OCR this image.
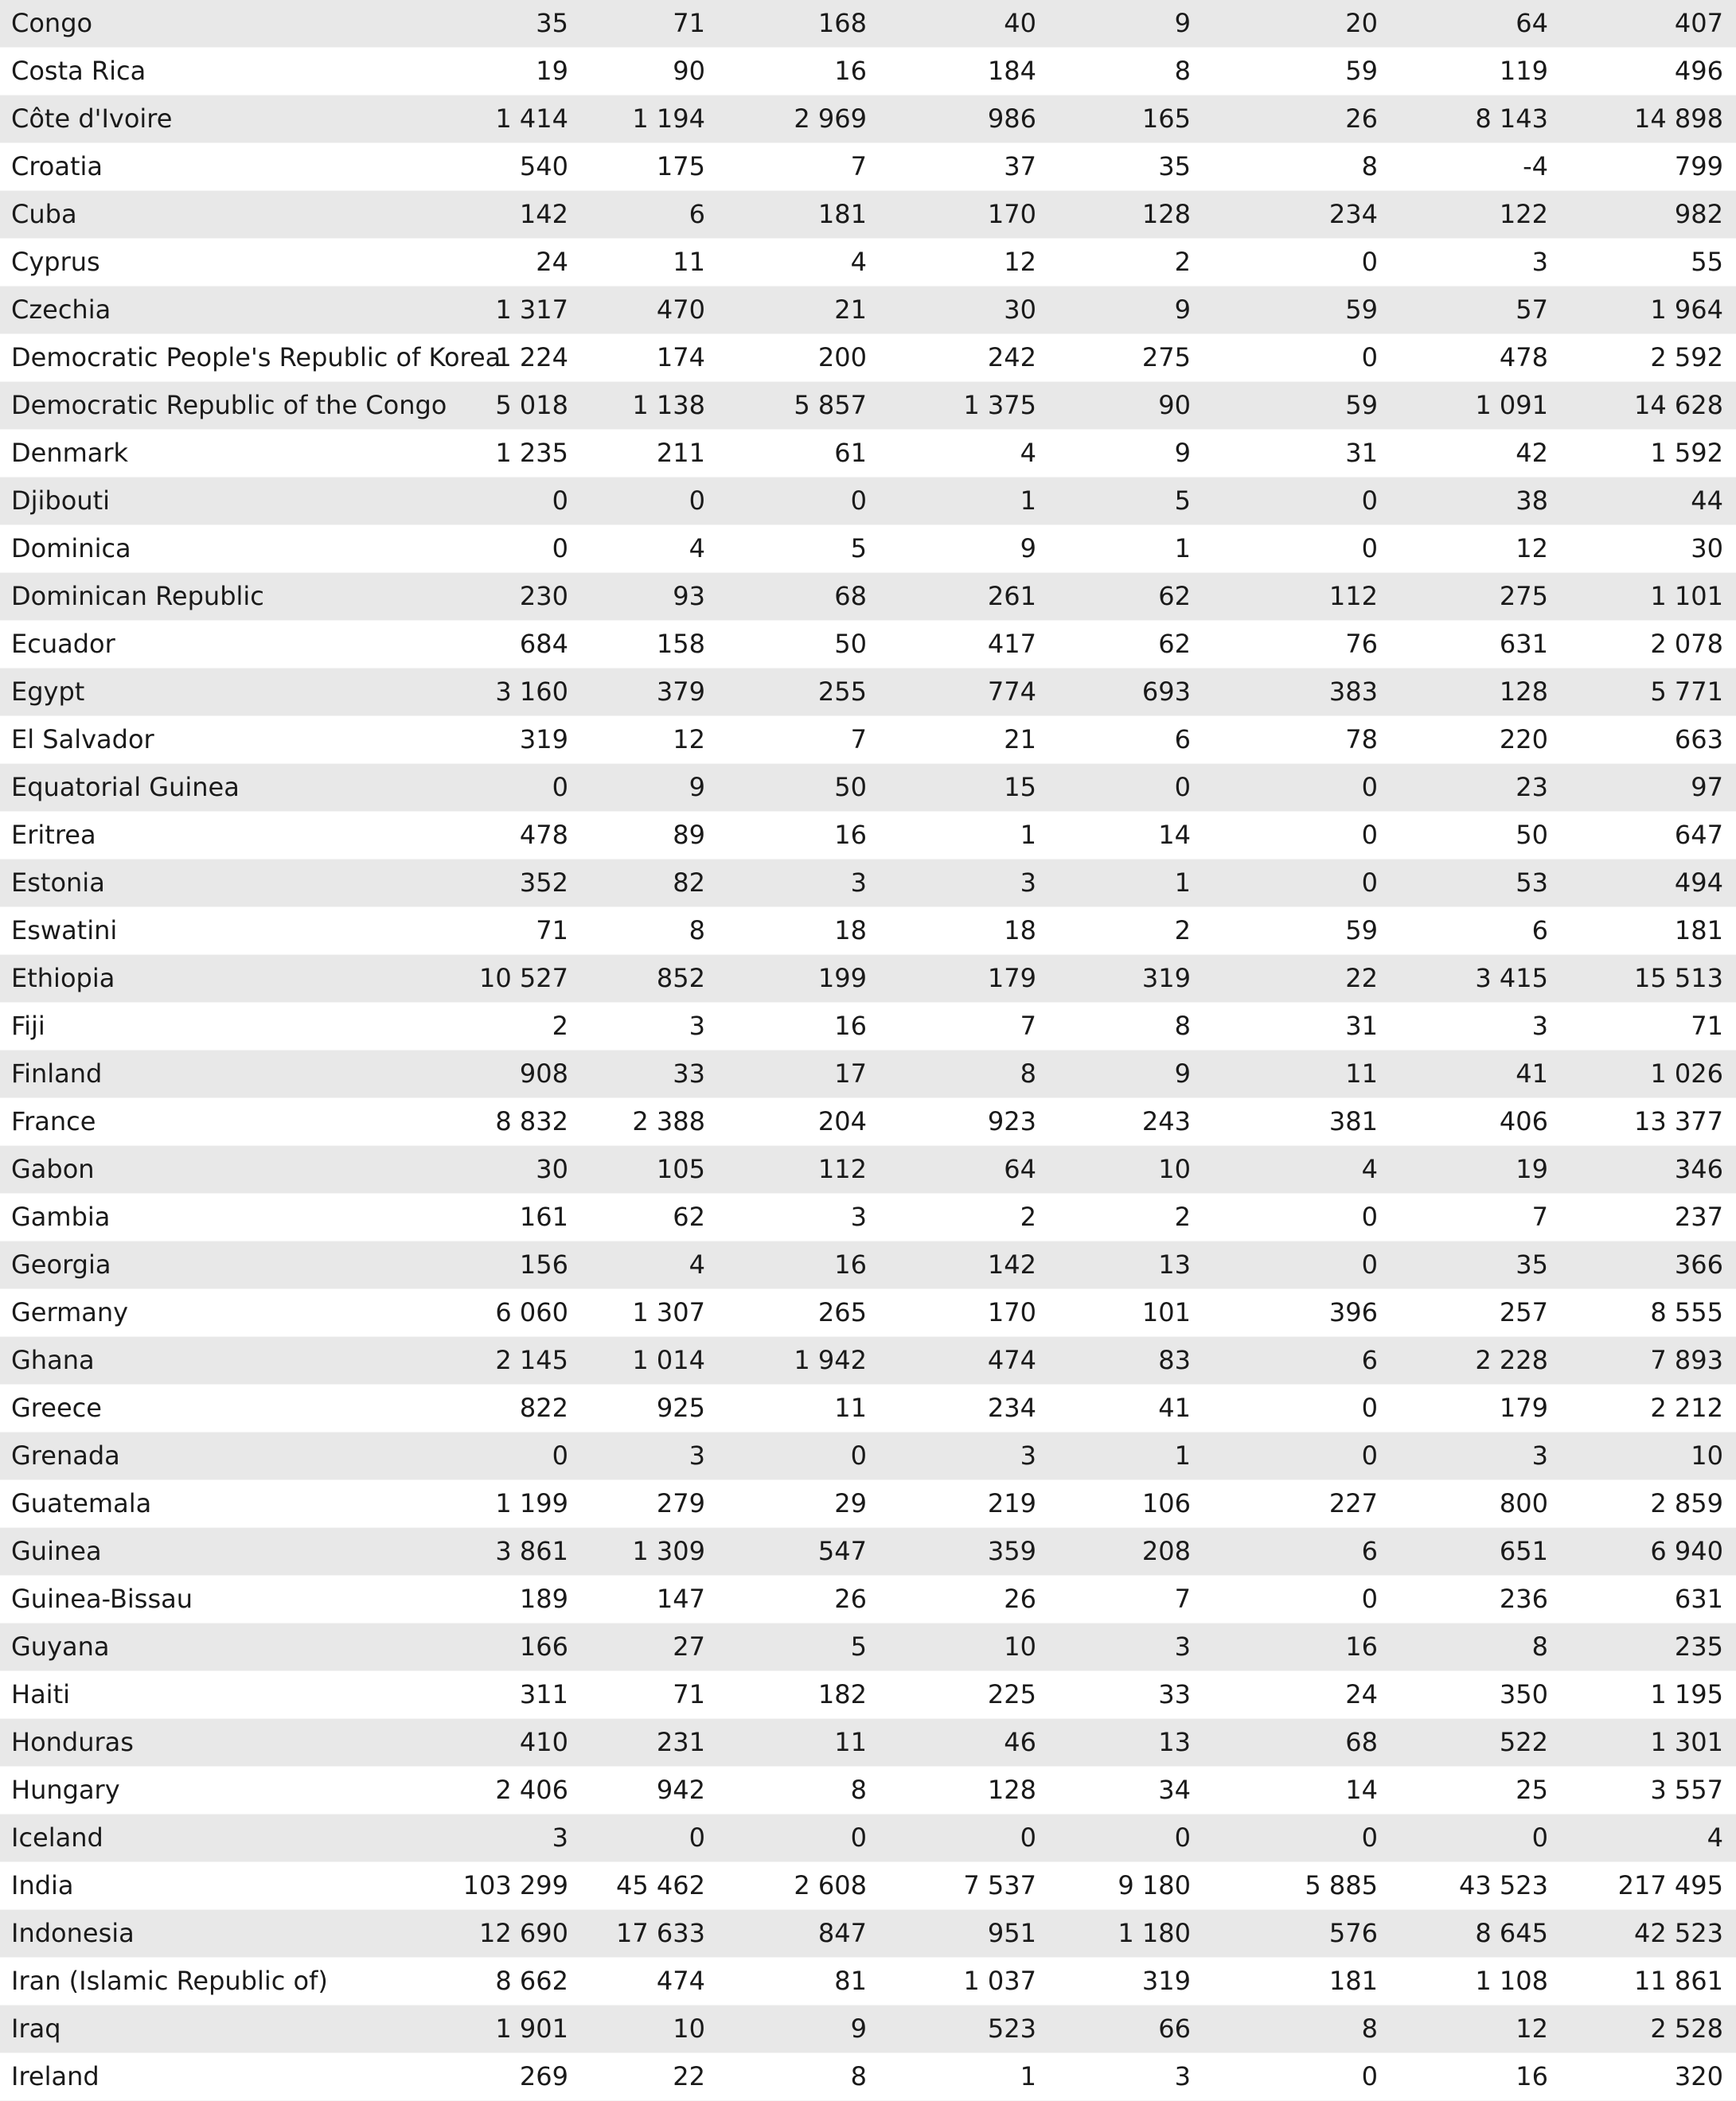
Congo	35	71	168	40	9	20	64	407
Costa Rica	19	90	16	184	8	59	119	496
Côte d'Ivoire	1 414	1 194	2 969	986	165	26	8 143	14 898
Croatia	540	175	7	37	35	8	-4	799
Cuba	142	6	181	170	128	234	122	982
Cyprus	24	11	4	12	2	0	3	55
Czechia	1 317	470	21	30	9	59	57	1 964
Democratic People's Republic of Korea	1 224	174	200	242	275	0	478	2 592
Democratic Republic of the Congo	5 018	1 138	5 857	1 375	90	59	1 091	14 628
Denmark	1 235	211	61	4	9	31	42	1 592
Djibouti	0	0	0	1	5	0	38	44
Dominica	0	4	5	9	1	0	12	30
Dominican Republic	230	93	68	261	62	112	275	1 101
Ecuador	684	158	50	417	62	76	631	2 078
Egypt	3 160	379	255	774	693	383	128	5 771
El Salvador	319	12	7	21	6	78	220	663
Equatorial Guinea	0	9	50	15	0	0	23	97
Eritrea	478	89	16	1	14	0	50	647
Estonia	352	82	3	3	1	0	53	494
Eswatini	71	8	18	18	2	59	6	181
Ethiopia	10 527	852	199	179	319	22	3 415	15 513
Fiji	2	3	16	7	8	31	3	71
Finland	908	33	17	8	9	11	41	1 026
France	8 832	2 388	204	923	243	381	406	13 377
Gabon	30	105	112	64	10	4	19	346
Gambia	161	62	3	2	2	0	7	237
Georgia	156	4	16	142	13	0	35	366
Germany	6 060	1 307	265	170	101	396	257	8 555
Ghana	2 145	1 014	1 942	474	83	6	2 228	7 893
Greece	822	925	11	234	41	0	179	2 212
Grenada	0	3	0	3	1	0	3	10
Guatemala	1 199	279	29	219	106	227	800	2 859
Guinea	3 861	1 309	547	359	208	6	651	6 940
Guinea-Bissau	189	147	26	26	7	0	236	631
Guyana	166	27	5	10	3	16	8	235
Haiti	311	71	182	225	33	24	350	1 195
Honduras	410	231	11	46	13	68	522	1 301
Hungary	2 406	942	8	128	34	14	25	3 557
Iceland	3	0	0	0	0	0	0	4
India	103 299	45 462	2 608	7 537	9 180	5 885	43 523	217 495
Indonesia	12 690	17 633	847	951	1 180	576	8 645	42 523
Iran (Islamic Republic of)	8 662	474	81	1 037	319	181	1 108	11 861
Iraq	1 901	10	9	523	66	8	12	2 528
Ireland	269	22	8	1	3	0	16	320
